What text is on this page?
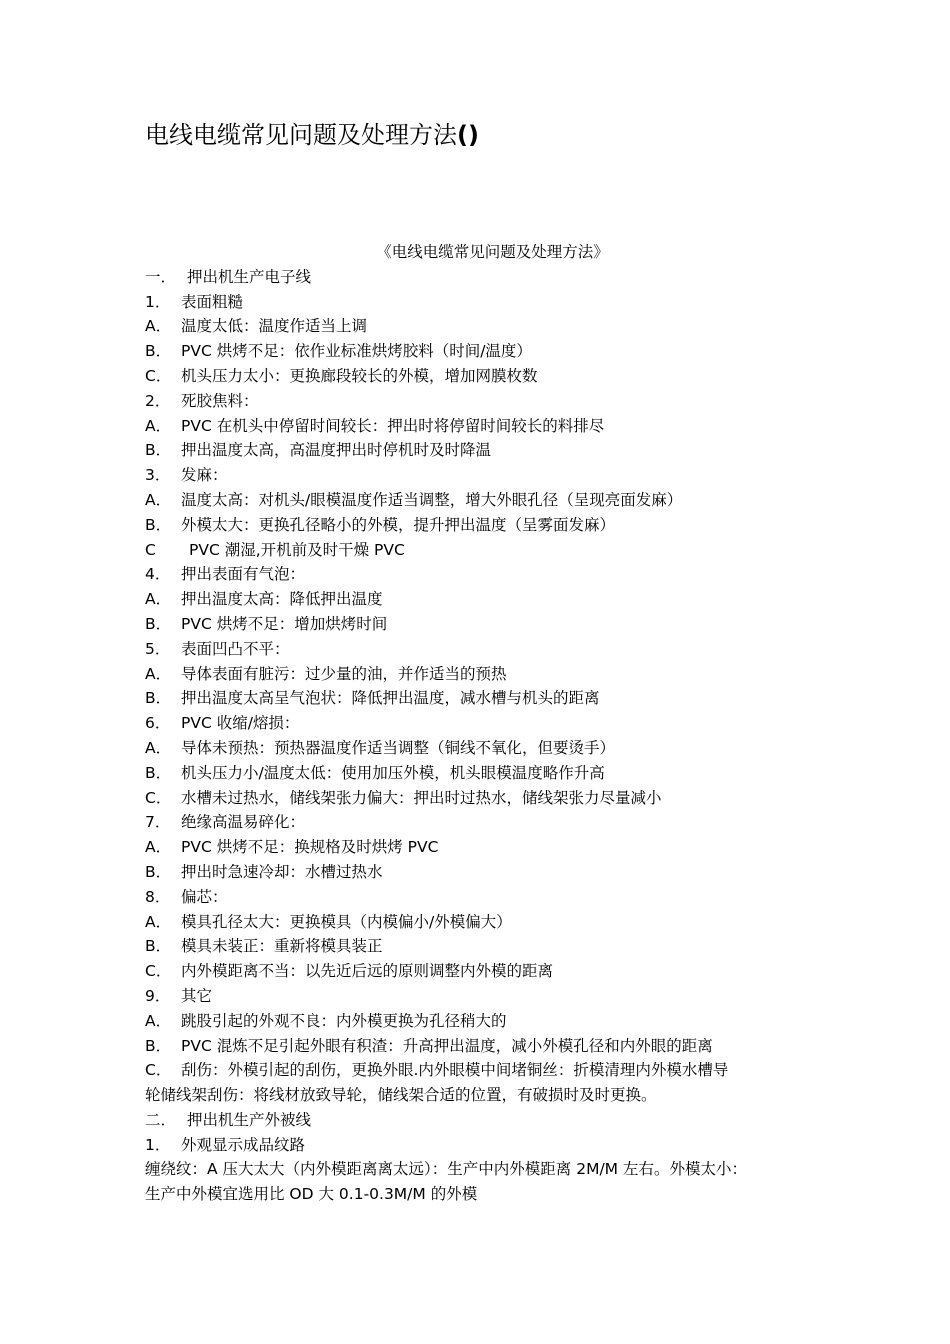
电线电缆常见问题及处理方法()
《电线电缆常见问题及处理方法》
一． 押出机生产电子线
1． 表面粗糙
A． 温度太低：温度作适当上调
B． PVC 烘烤不足：依作业标准烘烤胶料（时间/温度）
C． 机头压力太小：更换廊段较长的外模，增加网膜枚数
2． 死胶焦料：
A． PVC 在机头中停留时间较长：押出时将停留时间较长的料排尽
B． 押出温度太高，高温度押出时停机时及时降温
3． 发麻：
A． 温度太高：对机头/眼模温度作适当调整，增大外眼孔径（呈现亮面发麻）
B． 外模太大：更换孔径略小的外模，提升押出温度（呈雾面发麻）
C PVC 潮湿,开机前及时干燥 PVC
4． 押出表面有气泡：
A． 押出温度太高：降低押出温度
B． PVC 烘烤不足：增加烘烤时间
5． 表面凹凸不平：
A． 导体表面有脏污：过少量的油，并作适当的预热
B． 押出温度太高呈气泡状：降低押出温度，减水槽与机头的距离
6． PVC 收缩/熔损：
A． 导体未预热：预热器温度作适当调整（铜线不氧化，但要烫手）
B． 机头压力小/温度太低：使用加压外模，机头眼模温度略作升高
C． 水槽未过热水，储线架张力偏大：押出时过热水，储线架张力尽量减小
7． 绝缘高温易碎化：
A． PVC 烘烤不足：换规格及时烘烤 PVC
B． 押出时急速冷却：水槽过热水
8． 偏芯：
A． 模具孔径太大：更换模具（内模偏小/外模偏大）
B． 模具未装正：重新将模具装正
C． 内外模距离不当：以先近后远的原则调整内外模的距离
9． 其它
A． 跳股引起的外观不良：内外模更换为孔径稍大的
B． PVC 混炼不足引起外眼有积渣：升高押出温度，减小外模孔径和内外眼的距离
C． 刮伤：外模引起的刮伤，更换外眼.内外眼模中间堵铜丝：折模清理内外模水槽导
轮储线架刮伤：将线材放致导轮，储线架合适的位置，有破损时及时更换。
二． 押出机生产外被线
1． 外观显示成品纹路
缠绕纹：A 压大太大（内外模距离离太远）：生产中内外模距离 2M/M 左右。外模太小：
生产中外模宜选用比 OD 大 0.1-0.3M/M 的外模
